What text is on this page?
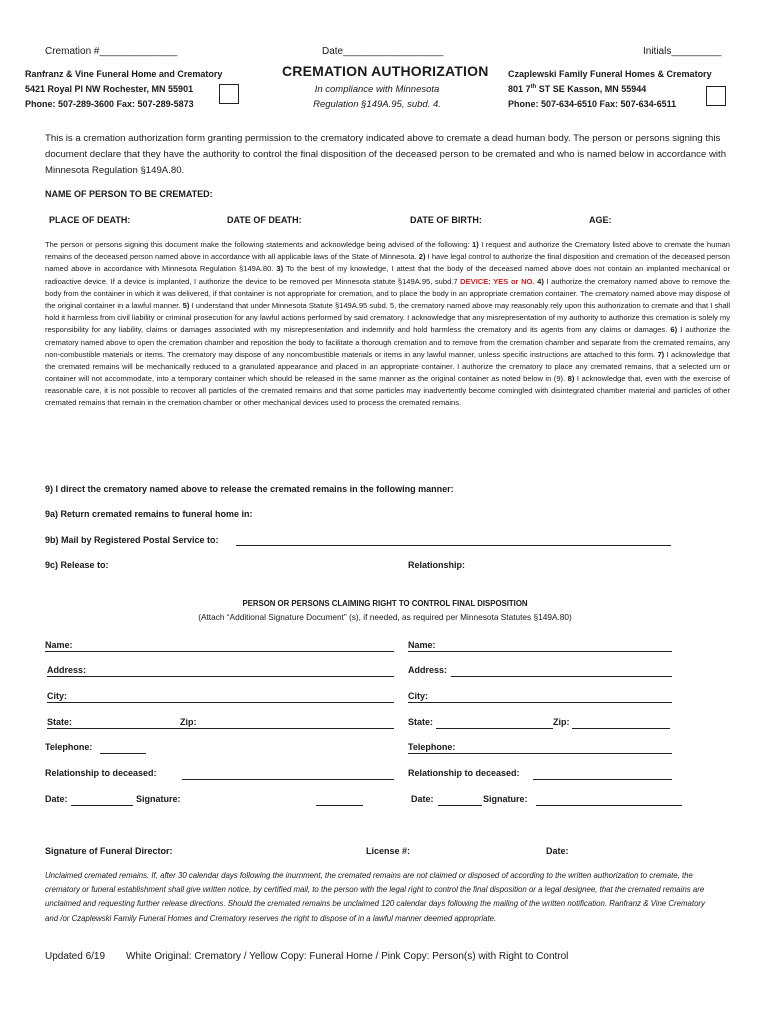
Cremation #______________	Date__________________	Initials_________
Ranfranz & Vine Funeral Home and Crematory
5421 Royal Pl NW Rochester, MN 55901
Phone: 507-289-3600 Fax: 507-289-5873
CREMATION AUTHORIZATION
In compliance with Minnesota
Regulation §149A.95, subd. 4.
Czaplewski Family Funeral Homes & Crematory
801 7th ST SE Kasson, MN 55944
Phone: 507-634-6510 Fax: 507-634-6511
This is a cremation authorization form granting permission to the crematory indicated above to cremate a dead human body. The person or persons signing this document declare that they have the authority to control the final disposition of the deceased person to be cremated and who is named below in accordance with Minnesota Regulation §149A.80.
NAME OF PERSON TO BE CREMATED:
PLACE OF DEATH:	DATE OF DEATH:	DATE OF BIRTH:	AGE:
The person or persons signing this document make the following statements and acknowledge being advised of the following: 1) I request and authorize the Crematory listed above to cremate the human remains of the deceased person named above in accordance with all applicable laws of the State of Minnesota. 2) I have legal control to authorize the final disposition and cremation of the deceased person named above in accordance with Minnesota Regulation §149A.80. 3) To the best of my knowledge, I attest that the body of the deceased named above does not contain an implanted mechanical or radioactive device. If a device is implanted, I authorize the device to be removed per Minnesota statute §149A.95, subd.7 DEVICE: YES or NO. 4) I authorize the crematory named above to remove the body from the container in which it was delivered, if that container is not appropriate for cremation, and to place the body in an appropriate cremation container. The crematory named above may dispose of the original container in a lawful manner. 5) I understand that under Minnesota Statute §149A.95 subd. 5, the crematory named above may reasonably rely upon this authorization to cremate and that I shall hold it harmless from civil liability or criminal prosecution for any lawful actions performed by said crematory. I acknowledge that any misrepresentation of my authority to authorize this cremation is solely my responsibility for any liability, claims or damages associated with my misrepresentation and indemnify and hold harmless the crematory and its agents from any claims or damages. 6) I authorize the crematory named above to open the cremation chamber and reposition the body to facilitate a thorough cremation and to remove from the cremation chamber and separate from the cremated remains, any non-combustible materials or items. The crematory may dispose of any noncombustible materials or items in any lawful manner, unless specific instructions are attached to this form. 7) I acknowledge that the cremated remains will be mechanically reduced to a granulated appearance and placed in an appropriate container. I authorize the crematory to place any cremated remains, that a selected urn or container will not accommodate, into a temporary container which should be released in the same manner as the original container as noted below in (9). 8) I acknowledge that, even with the exercise of reasonable care, it is not possible to recover all particles of the cremated remains and that some particles may inadvertently become comingled with disintegrated chamber material and particles of other cremated remains that remain in the cremation chamber or other mechanical devices used to process the cremated remains.
9) I direct the crematory named above to release the cremated remains in the following manner:
9a) Return cremated remains to funeral home in:
9b) Mail by Registered Postal Service to:
9c) Release to:	Relationship:
PERSON OR PERSONS CLAIMING RIGHT TO CONTROL FINAL DISPOSITION
(Attach “Additional Signature Document” (s), if needed, as required per Minnesota Statutes §149A.80)
Name:
Address:
City:
State:	Zip:
Telephone:
Relationship to deceased:
Date:	Signature:
Name:
Address:
City:
State:	Zip:
Telephone:
Relationship to deceased:
Date:	Signature:
Signature of Funeral Director:	License #:	Date:
Unclaimed cremated remains. If, after 30 calendar days following the inurnment, the cremated remains are not claimed or disposed of according to the written authorization to cremate, the crematory or funeral establishment shall give written notice, by certified mail, to the person with the legal right to control the final disposition or a legal designee, that the cremated remains are unclaimed and requesting further release directions. Should the cremated remains be unclaimed 120 calendar days following the mailing of the written notification. Ranfranz & Vine Crematory and /or Czaplewski Family Funeral Homes and Crematory reserves the right to dispose of in a lawful manner deemed appropriate.
Updated 6/19 White Original: Crematory / Yellow Copy: Funeral Home / Pink Copy: Person(s) with Right to Control
